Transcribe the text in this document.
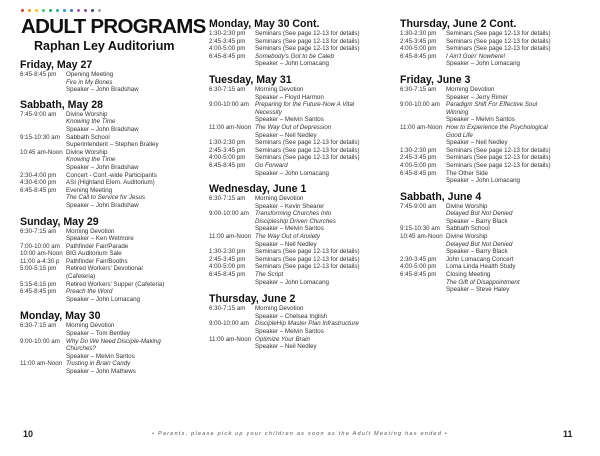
ADULT PROGRAMS
Raphan Ley Auditorium
Friday, May 27
6:45-8:45 pm	Opening Meeting
Fire in My Bones
Speaker – John Bradshaw
Sabbath, May 28
7:45-9:00 am	Divine Worship
Knowing the Time
Speaker – John Bradshaw
9:15-10:30 am Sabbath School
Superintendent – Stephen Bralley
10:45 am-Noon Divine Worship
Knowing the Time
Speaker – John Bradshaw
2:30-4:00 pm	Concert - Conf.-wide Participants
4:30-6:00 pm	ASI (Highland Elem. Auditorium)
6:45-8:45 pm	Evening Meeting
The Call to Service for Jesus
Speaker – John Bradshaw
Sunday, May 29
6:30-7:15 am	Morning Devotion
Speaker – Ken Wetmore
7:00-10:00 am Pathfinder Fair/Parade
10:00 am-Noon BIG Auditorium Sale
11:00 a-4:30 p	Pathfinder Fair/Booths
5:00-5:15 pm	Retired Workers' Devotional
(Cafeteria)
5:15-6:15 pm	Retired Workers' Supper (Cafeteria)
6:45-8:45 pm	Preach the Word
Speaker – John Lomacang
Monday, May 30
6:30-7:15 am	Morning Devotion
Speaker – Tom Bentley
9:00-10:00 am Why Do We Need Disciple-Making
Churches?
Speaker – Melvin Santos
11:00 am-Noon Trusting in Brain Candy
Speaker – John Mathews
Monday, May 30 Cont.
1:30-2:30 pm	Seminars (See page 12-13 for details)
2:45-3:45 pm	Seminars (See page 12-13 for details)
4:00-5:00 pm	Seminars (See page 12-13 for details)
6:45-8:45 pm	Somebody's Got to be Caleb
Speaker – John Lomacang
Tuesday, May 31
6:30-7:15 am	Morning Devotion
Speaker – Floyd Harmon
9:00-10:00 am Preparing for the Future-Now A Vital
Necessity
Speaker – Melvin Santos
11:00 am-Noon The Way Out of Depression
Speaker – Neil Nedley
1:30-2:30 pm	Seminars (See page 12-13 for details)
2:45-3:45 pm	Seminars (See page 12-13 for details)
4:00-5:00 pm	Seminars (See page 12-13 for details)
6:45-8:45 pm	Go Forward
Speaker – John Lomacang
Wednesday, June 1
6:30-7:15 am	Morning Devotion
Speaker – Kevin Shearer
9:00-10:00 am Transforming Churches Into
Discipleship Driven Churches
Speaker – Melvin Santos
11:00 am-Noon The Way Out of Anxiety
Speaker – Neil Nedley
1:30-2:30 pm	Seminars (See page 12-13 for details)
2:45-3:45 pm	Seminars (See page 12-13 for details)
4:00-5:00 pm	Seminars (See page 12-13 for details)
6:45-8:45 pm	The Script
Speaker – John Lomacang
Thursday, June 2
6:30-7:15 am	Morning Devotion
Speaker – Chelsea Inglish
9:00-10:00 am DiscipleHip Master Plan Infrastructure
Speaker – Melvin Santos
11:00 am-Noon Optimize Your Brain
Speaker – Neil Nedley
Thursday, June 2 Cont.
1:30-2:30 pm	Seminars (See page 12-13 for details)
2:45-3:45 pm	Seminars (See page 12-13 for details)
4:00-5:00 pm	Seminars (See page 12-13 for details)
6:45-8:45 pm	I Ain't Goin' Nowhere!
Speaker – John Lomacang
Friday, June 3
6:30-7:15 am	Morning Devotion
Speaker – Jerry Rimer
9:00-10:00 am Paradigm Shift For Effective Soul
Winning
Speaker – Melvin Santos
11:00 am-Noon How to Experience the Psychological
Good Life
Speaker – Neil Nedley
1:30-2:30 pm	Seminars (See page 12-13 for details)
2:45-3:45 pm	Seminars (See page 12-13 for details)
4:00-5:00 pm	Seminars (See page 12-13 for details)
6:45-8:45 pm	The Other Side
Speaker – John Lomacang
Sabbath, June 4
7:45-9:00 am	Divine Worship
Delayed But Not Denied
Speaker – Barry Black
9:15-10:30 am Sabbath School
10:45 am-Noon Divine Worship
Delayed But Not Denied
Speaker – Barry Black
2:30-3:45 pm	John Lomacang Concert
4:00-5:00 pm	Loma Linda Health Study
6:45-8:45 pm	Closing Meeting
The Gift of Disappointment
Speaker – Steve Haley
10	• Parents, please pick up your children as soon as the Adult Meeting has ended •	11
